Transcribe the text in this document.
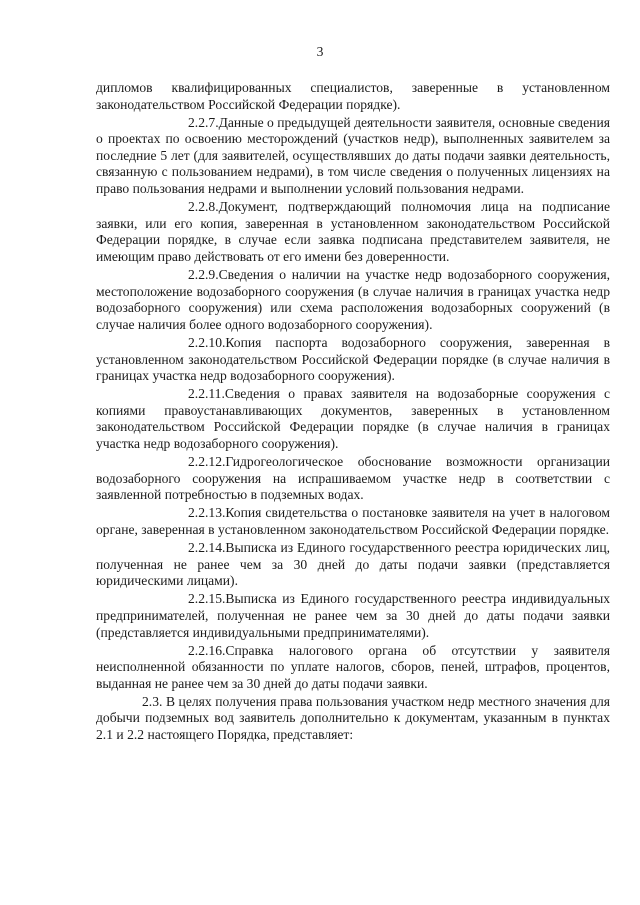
3

дипломов квалифицированных специалистов, заверенные в установленном законодательством Российской Федерации порядке).

2.2.7.Данные о предыдущей деятельности заявителя, основные сведения о проектах по освоению месторождений (участков недр), выполненных заявителем за последние 5 лет (для заявителей, осуществлявших до даты подачи заявки деятельность, связанную с пользованием недрами), в том числе сведения о полученных лицензиях на право пользования недрами и выполнении условий пользования недрами.

2.2.8.Документ, подтверждающий полномочия лица на подписание заявки, или его копия, заверенная в установленном законодательством Российской Федерации порядке, в случае если заявка подписана представителем заявителя, не имеющим право действовать от его имени без доверенности.

2.2.9.Сведения о наличии на участке недр водозаборного сооружения, местоположение водозаборного сооружения (в случае наличия в границах участка недр водозаборного сооружения) или схема расположения водозаборных сооружений (в случае наличия более одного водозаборного сооружения).

2.2.10.Копия паспорта водозаборного сооружения, заверенная в установленном законодательством Российской Федерации порядке (в случае наличия в границах участка недр водозаборного сооружения).

2.2.11.Сведения о правах заявителя на водозаборные сооружения с копиями правоустанавливающих документов, заверенных в установленном законодательством Российской Федерации порядке (в случае наличия в границах участка недр водозаборного сооружения).

2.2.12.Гидрогеологическое обоснование возможности организации водозаборного сооружения на испрашиваемом участке недр в соответствии с заявленной потребностью в подземных водах.

2.2.13.Копия свидетельства о постановке заявителя на учет в налоговом органе, заверенная в установленном законодательством Российской Федерации порядке.

2.2.14.Выписка из Единого государственного реестра юридических лиц, полученная не ранее чем за 30 дней до даты подачи заявки (представляется юридическими лицами).

2.2.15.Выписка из Единого государственного реестра индивидуальных предпринимателей, полученная не ранее чем за 30 дней до даты подачи заявки (представляется индивидуальными предпринимателями).

2.2.16.Справка налогового органа об отсутствии у заявителя неисполненной обязанности по уплате налогов, сборов, пеней, штрафов, процентов, выданная не ранее чем за 30 дней до даты подачи заявки.

2.3. В целях получения права пользования участком недр местного значения для добычи подземных вод заявитель дополнительно к документам, указанным в пунктах 2.1 и 2.2 настоящего Порядка, представляет:
